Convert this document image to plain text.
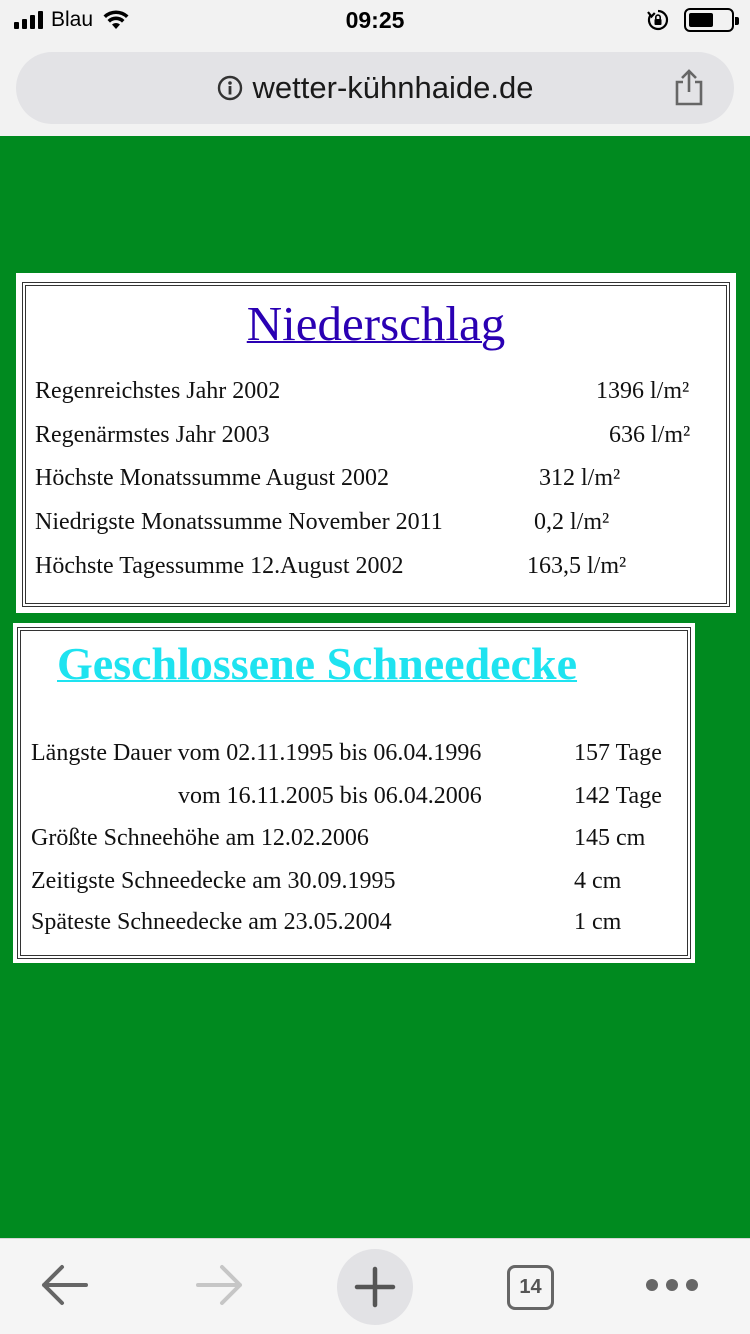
Blau	09:25
wetter-kühnhaide.de
Niederschlag
Regenreichstes Jahr 2002	1396 l/m²
Regenärmstes Jahr 2003	636 l/m²
Höchste Monatssumme August 2002	312 l/m²
Niedrigste Monatssumme November 2011	0,2 l/m²
Höchste Tagessumme 12.August 2002	163,5 l/m²
Geschlossene Schneedecke
Längste Dauer vom 02.11.1995 bis 06.04.1996	157 Tage
vom 16.11.2005 bis 06.04.2006	142 Tage
Größte Schneehöhe am 12.02.2006	145 cm
Zeitigste Schneedecke am 30.09.1995	4 cm
Späteste Schneedecke am 23.05.2004	1 cm
14
